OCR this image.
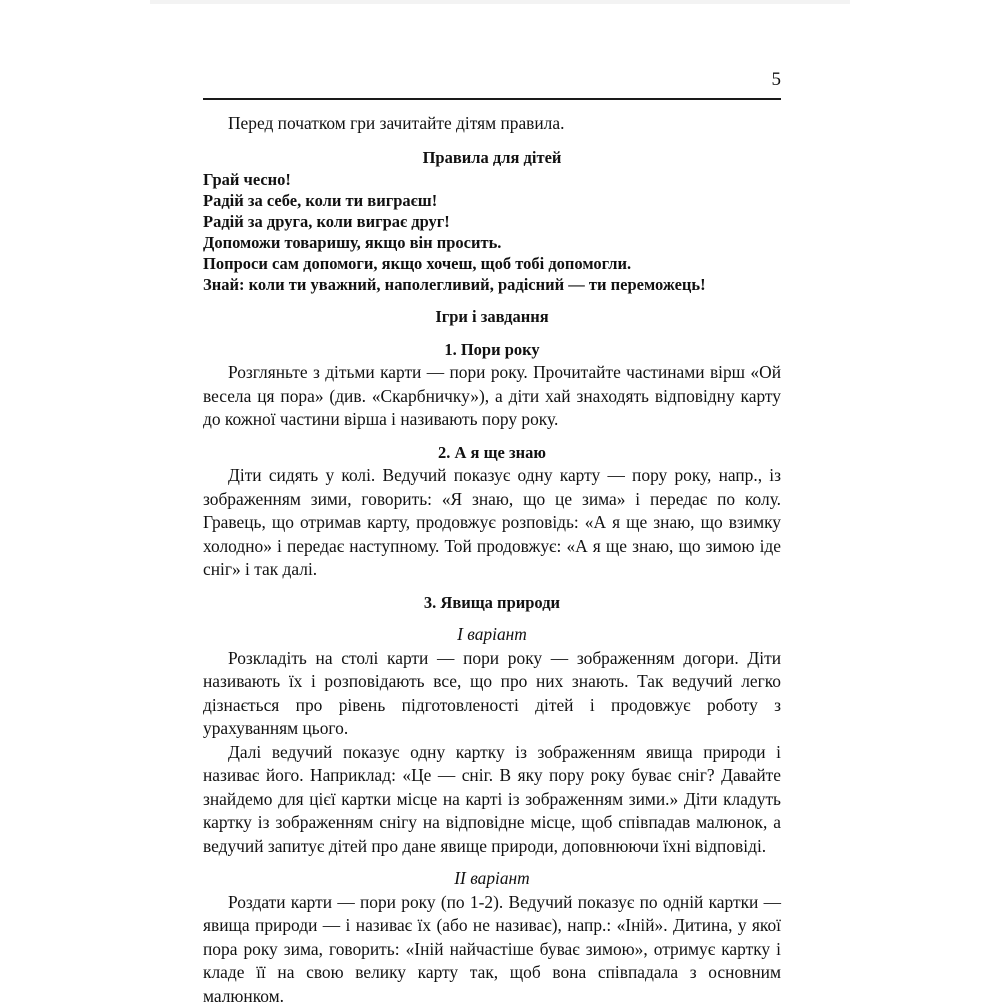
5

Перед початком гри зачитайте дітям правила.

Правила для дітей
Грай чесно!
Радій за себе, коли ти виграєш!
Радій за друга, коли виграє друг!
Допоможи товаришу, якщо він просить.
Попроси сам допомоги, якщо хочеш, щоб тобі допомогли.
Знай: коли ти уважний, наполегливий, радісний — ти переможець!
Ігри і завдання
1. Пори року

Розгляньте з дітьми карти — пори року. Прочитайте частинами вірш «Ой весела ця пора» (див. «Скарбничку»), а діти хай знаходять відповідну карту до кожної частини вірша і називають пору року.

2. А я ще знаю

Діти сидять у колі. Ведучий показує одну карту — пору року, напр., із зображенням зими, говорить: «Я знаю, що це зима» і передає по колу. Гравець, що отримав карту, продовжує розповідь: «А я ще знаю, що взимку холодно» і передає наступному. Той продовжує: «А я ще знаю, що зимою іде сніг» і так далі.

3. Явища природи
I варіант

Розкладіть на столі карти — пори року — зображенням догори. Діти називають їх і розповідають все, що про них знають. Так ведучий легко дізнається про рівень підготовленості дітей і продовжує роботу з урахуванням цього.

Далі ведучий показує одну картку із зображенням явища природи і називає його. Наприклад: «Це — сніг. В яку пору року буває сніг? Давайте знайдемо для цієї картки місце на карті із зображенням зими.» Діти кладуть картку із зображенням снігу на відповідне місце, щоб співпадав малюнок, а ведучий запитує дітей про дане явище природи, доповнюючи їхні відповіді.

II варіант

Роздати карти — пори року (по 1-2). Ведучий показує по одній картки — явища природи — і називає їх (або не називає), напр.: «Іній». Дитина, у якої пора року зима, говорить: «Іній найчастіше буває зимою», отримує картку і кладе її на свою велику карту так, щоб вона співпадала з основним малюнком.
